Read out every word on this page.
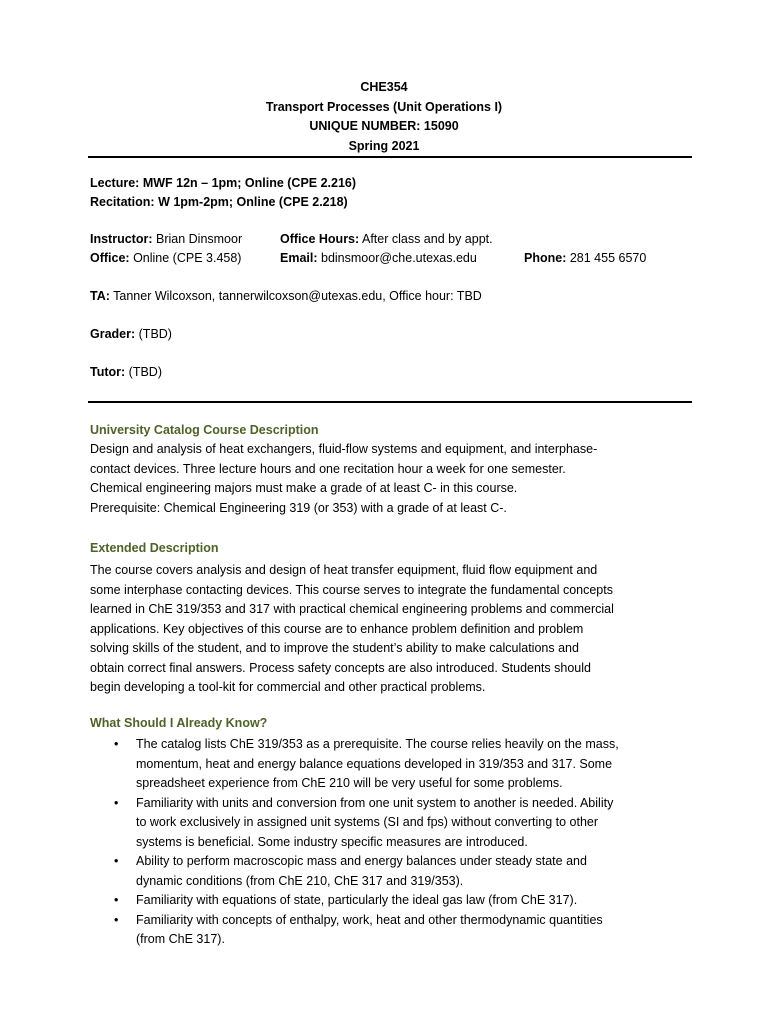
CHE354
Transport Processes (Unit Operations I)
UNIQUE NUMBER: 15090
Spring 2021
Lecture: MWF 12n – 1pm; Online (CPE 2.216)
Recitation: W 1pm-2pm; Online (CPE 2.218)
Instructor: Brian Dinsmoor	Office Hours: After class and by appt.
Office: Online (CPE 3.458)	Email: bdinsmoor@che.utexas.edu	Phone: 281 455 6570
TA: Tanner Wilcoxson, tannerwilcoxson@utexas.edu, Office hour: TBD
Grader: (TBD)
Tutor: (TBD)
University Catalog Course Description
Design and analysis of heat exchangers, fluid-flow systems and equipment, and interphase-
contact devices. Three lecture hours and one recitation hour a week for one semester.
Chemical engineering majors must make a grade of at least C- in this course.
Prerequisite: Chemical Engineering 319 (or 353) with a grade of at least C-.
Extended Description
The course covers analysis and design of heat transfer equipment, fluid flow equipment and
some interphase contacting devices. This course serves to integrate the fundamental concepts
learned in ChE 319/353 and 317 with practical chemical engineering problems and commercial
applications. Key objectives of this course are to enhance problem definition and problem
solving skills of the student, and to improve the student’s ability to make calculations and
obtain correct final answers. Process safety concepts are also introduced. Students should
begin developing a tool-kit for commercial and other practical problems.
What Should I Already Know?
• The catalog lists ChE 319/353 as a prerequisite. The course relies heavily on the mass,
momentum, heat and energy balance equations developed in 319/353 and 317. Some
spreadsheet experience from ChE 210 will be very useful for some problems.
• Familiarity with units and conversion from one unit system to another is needed. Ability
to work exclusively in assigned unit systems (SI and fps) without converting to other
systems is beneficial. Some industry specific measures are introduced.
• Ability to perform macroscopic mass and energy balances under steady state and
dynamic conditions (from ChE 210, ChE 317 and 319/353).
• Familiarity with equations of state, particularly the ideal gas law (from ChE 317).
• Familiarity with concepts of enthalpy, work, heat and other thermodynamic quantities
(from ChE 317).
